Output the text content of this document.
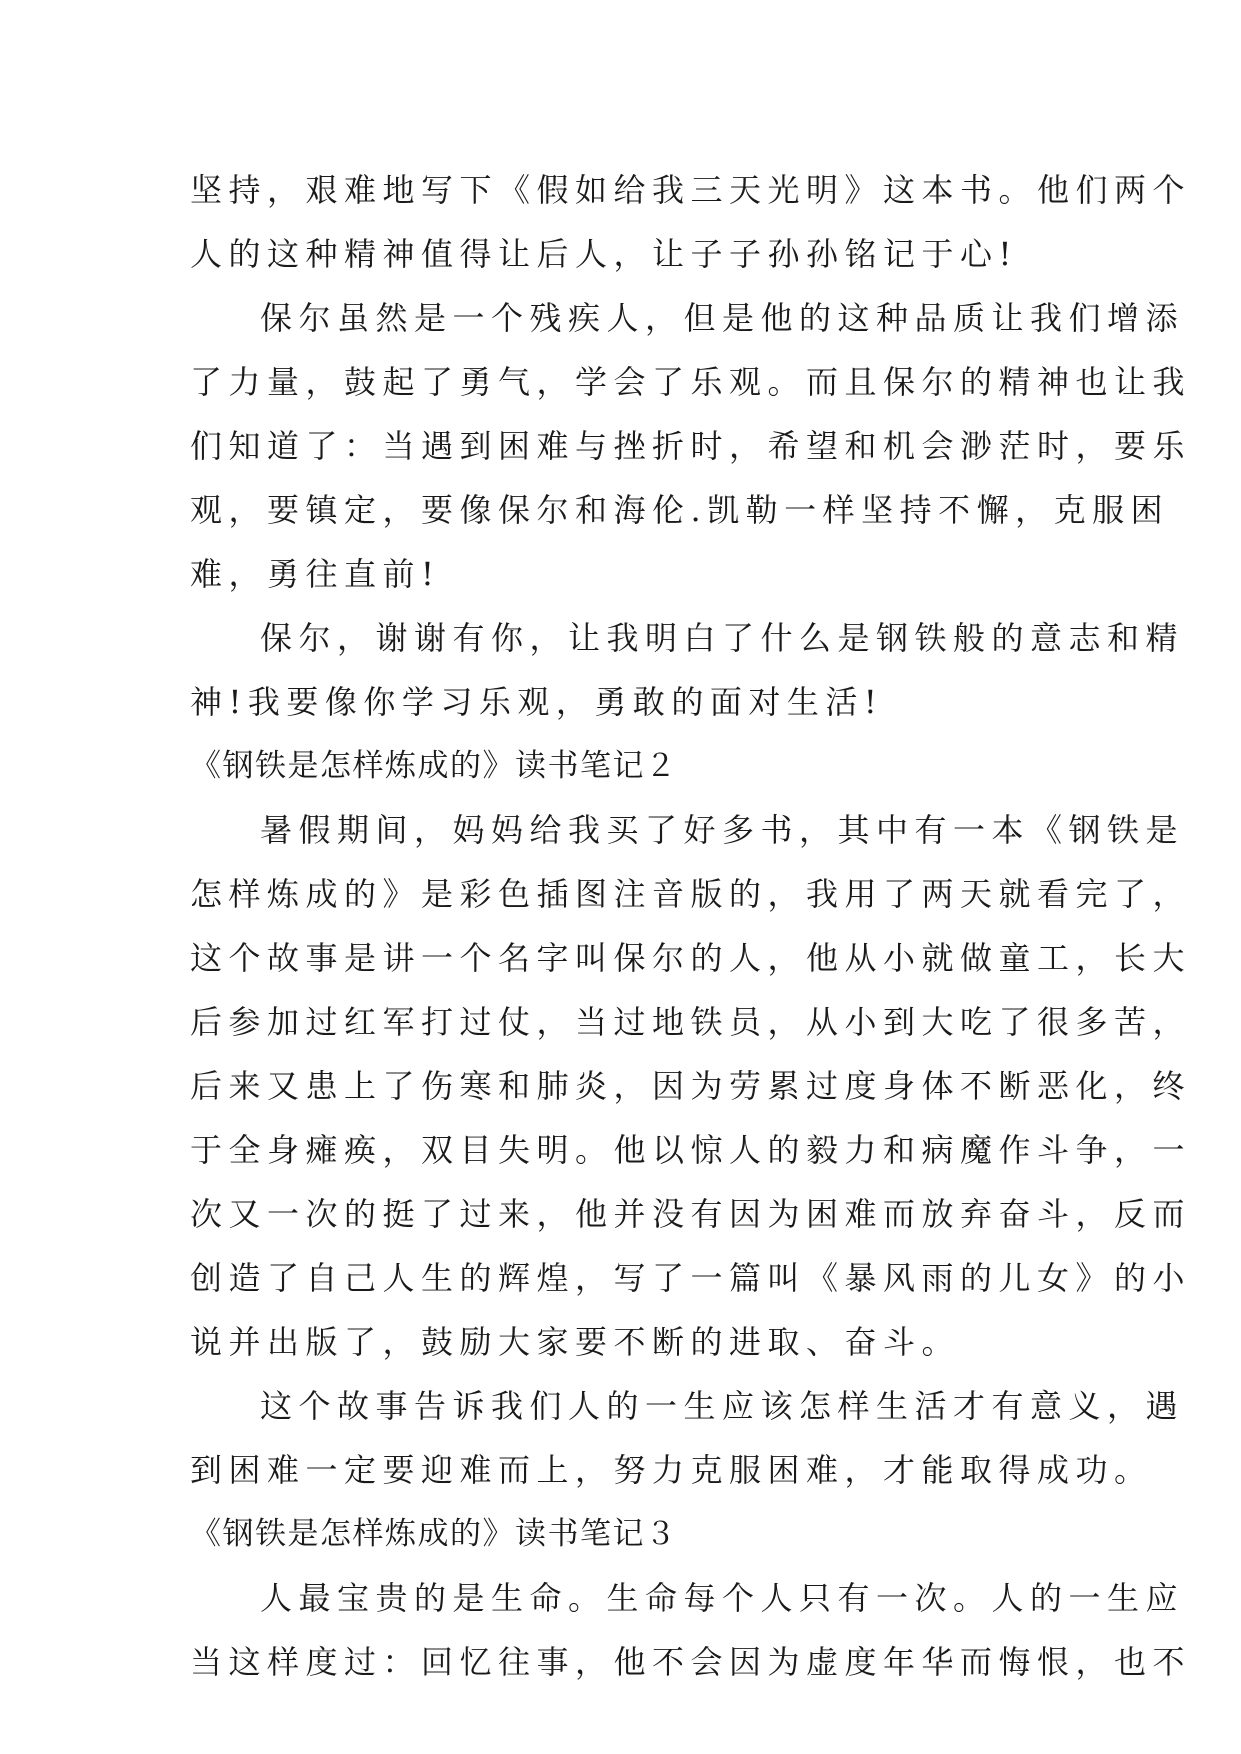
坚持，艰难地写下《假如给我三天光明》这本书。他们两个
人的这种精神值得让后人，让子子孙孙铭记于心!
保尔虽然是一个残疾人，但是他的这种品质让我们增添
了力量，鼓起了勇气，学会了乐观。而且保尔的精神也让我
们知道了：当遇到困难与挫折时，希望和机会渺茫时，要乐
观，要镇定，要像保尔和海伦.凯勒一样坚持不懈，克服困
难，勇往直前!
保尔，谢谢有你，让我明白了什么是钢铁般的意志和精
神!我要像你学习乐观，勇敢的面对生活!
《钢铁是怎样炼成的》读书笔记２
暑假期间，妈妈给我买了好多书，其中有一本《钢铁是
怎样炼成的》是彩色插图注音版的，我用了两天就看完了，
这个故事是讲一个名字叫保尔的人，他从小就做童工，长大
后参加过红军打过仗，当过地铁员，从小到大吃了很多苦，
后来又患上了伤寒和肺炎，因为劳累过度身体不断恶化，终
于全身瘫痪，双目失明。他以惊人的毅力和病魔作斗争，一
次又一次的挺了过来，他并没有因为困难而放弃奋斗，反而
创造了自己人生的辉煌，写了一篇叫《暴风雨的儿女》的小
说并出版了，鼓励大家要不断的进取、奋斗。
这个故事告诉我们人的一生应该怎样生活才有意义，遇
到困难一定要迎难而上，努力克服困难，才能取得成功。
《钢铁是怎样炼成的》读书笔记３
人最宝贵的是生命。生命每个人只有一次。人的一生应
当这样度过：回忆往事，他不会因为虚度年华而悔恨，也不
